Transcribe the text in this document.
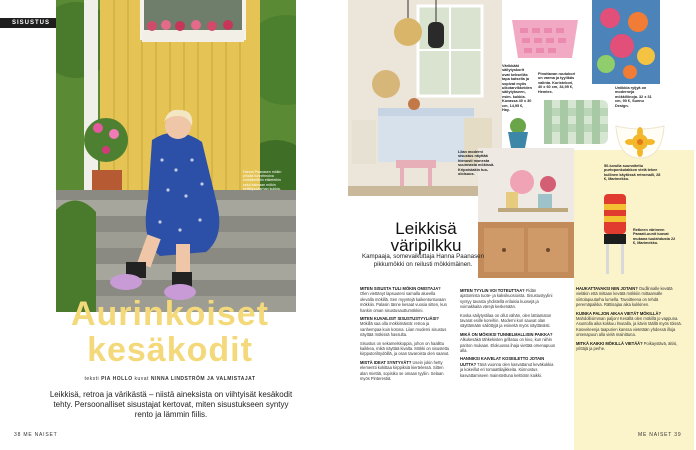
SISUSTUS
Hanna Paanasen mökin pihalla tunnelmoiva mökkikeittiön etiketeihin sekä kaimaan mökin keittiöpuutarhan kukkia.
Aurinkoiset
kesäkodit
teksti PIA HOLLO kuvat NINNA LINDSTRÖM JA VALMISTAJAT
Leikkisä, retroa ja värikästä – niistä aineksista on viihtyisät kesäkodit tehty. Persoonalliset sisustajat kertovat, miten sisustukseen syntyy rento ja lämmin fiilis.
38 ME NAISET
Värikkäät säilytyskorit ovat kekseliäs tapa katsella ja sopivat myös ulkotarvikkeiden säilytykseen, esim. kukkia. Kuvassa 40 x 30 cm, 14,95 €, Hay.
Pinottavan ruutukori on varma ja tyylikäs valinta. Koristekori, 40 x 60 cm, 34,95 €, Hemtex.
Uniikkia ryijyä on moderneja mökkiliinoja. 32 x 31 cm, 90 €, Sunnu Design.
Liian moderni sisustus näyttää hienosti monesta suunnasta mökissä. Kripoistakin tuo-oloisuus.
50-luvulla suunniteltu purtoponkulakkon vielä tekee kullinen käytössä retromalli, 28 €, Marimekko.
Retkeen värineen Paraati-uunit tuovat mukana tuulahdusta 22 €, Marimekko.
Leikkisä
väripilkku
Kampaaja, somevaikuttaja Hanna Paanasen pikkumökki on reilusti mökkimäinen.

MITEN SISUSTA TULI MÖKIN OMISTAJA? Olen viettänyt lapsuuteni samalla alueella olevalla mökillä. Sen myyntejä kaikentuntuvaan mökkiin. Palasin tänne kesaat vuosia sitten, kun hankin oman sisustusauttumökkini.

MITEN KUVAILISIT SISUSTUSTYYLIÄSI? Mökillä saa olla mökkimäistä: retroa ja vanhempaa kuin kotona. Liian moderni sisustus näyttää mökissä hassulta.

Sisustus on sekamelskoppia, johon on haalittu kaikkea, mikä näyttää kivalta. Mökki on sisustettu kirpputorilöydöillä, ja osan tavaroista olen saanut.

MISTÄ IDEAT SYNTYVÄT? Usein jokin hetty elementti kokittaa kirppiksiä kiertelessä. Sitten alan miettiä, sopisiko se omaan tyyliin. Selaan myös Pinterestiä.

MITEN TYYLIN VOI TOTEUTTAA? Pidän ajattomista tuote- ja kaksikuosioista. Sisustustyylini syntyy tavasta yhdistellä erilaisia kuosejä ja voimakkaita värejä keskenään.

Koska säilytystilaa on ollut vähän, olen lattiamaton tavarat esille koreihin. Moderni kori sauvat olan säyttämään säilöttyjä ja esineitä myös näyttävästi.

MIKÄ ON MÖKIKSI TUNNELMALLISIN PAIKKA? Alkukesäkä tähkekisten grillatuu on kivo, kun niihin pariton mukaan. Elokuussa ihaja viettää omenapuun alla.

HANNIKSI KAIVELAT KOSEILETTO JOTAIN UUTTA? Tänä vuonna olen kasvattanut keväkukkia ja kokeillut eri tomaattilajikkeita. Kiinnostus kasvattamiseen mainstettuna keittiöön kaikki.

HAUKATTAVAKSI NIIN JOTAIN? Oudlinnalle kevätä vieläkin että mittaan kevätä mökkiin mittaamalle siirtolapuutarha lumella. Tavoitteena on tehdä peremäpaikka. Rättisajaa aika kukkinen.

KUINKA PALJON AIKAA VIETÄT MÖKILLÄ? Mahdollisimman paljon! Kesällä olen mökillä jo vappuna. Asuntolla aika kokkuu lmutalla, ja kävin täällä myös töissä. Kasveiteenja taapurien kanssa vietetään yhdessä illoja ontenapuun alla vielä mainittuna.

MITKÄ KAIKKI MÖKILLÄ VIETÄÄ? Poikaystävä, äitisi, yrittäjä ja perhe.

ME NAISET 39
